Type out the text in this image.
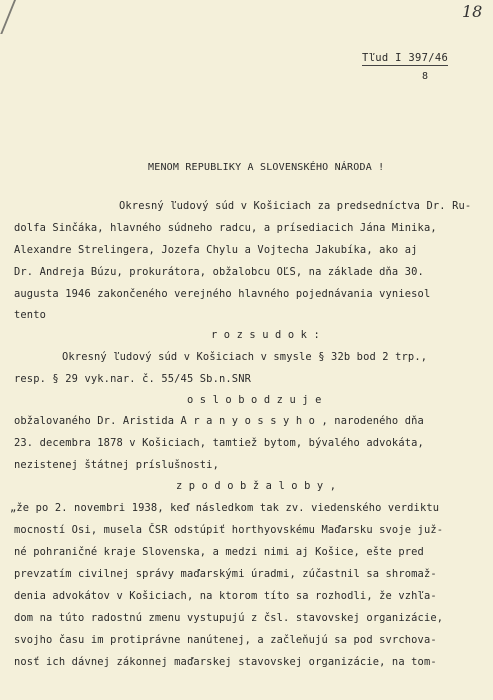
18
Tľud I 397/46
8
MENOM REPUBLIKY A SLOVENSKÉHO NÁRODA !
Okresný ľudový súd v Košiciach za predsedníctva Dr. Ru-
dolfa Sinčáka, hlavného súdneho radcu, a prísediacich Jána Minika,
Alexandre Strelingera, Jozefa Chylu a Vojtecha Jakubíka, ako aj
Dr. Andreja Búzu, prokurátora, obžalobcu OĽS, na základe dňa 30.
augusta 1946 zakončeného verejného hlavného pojednávania vyniesol
tento
r o z s u d o k :
Okresný ľudový súd v Košiciach v smysle § 32b bod 2 trp.,
resp. § 29 vyk.nar. č. 55/45 Sb.n.SNR
o s l o b o d z u j e
obžalovaného Dr. Aristida A r a n y o s s y h o , narodeného dňa
23. decembra 1878 v Košiciach, tamtiež bytom, bývalého advokáta,
nezistenej štátnej príslušnosti,
z p o d o b ž a l o b y ,
„že po 2. novembri 1938, keď následkom tak zv. viedenského verdiktu
mocností Osi, musela ČSR odstúpiť horthyovskému Maďarsku svoje juž-
né pohraničné kraje Slovenska, a medzi nimi aj Košice, ešte pred
prevzatím civilnej správy maďarskými úradmi, zúčastnil sa shromaž-
denia advokátov v Košiciach, na ktorom títo sa rozhodli, že vzhľa-
dom na túto radostnú zmenu vystupujú z čsl. stavovskej organizácie,
svojho času im protiprávne nanútenej, a začleňujú sa pod svrchova-
nosť ich dávnej zákonnej maďarskej stavovskej organizácie, na tom-
